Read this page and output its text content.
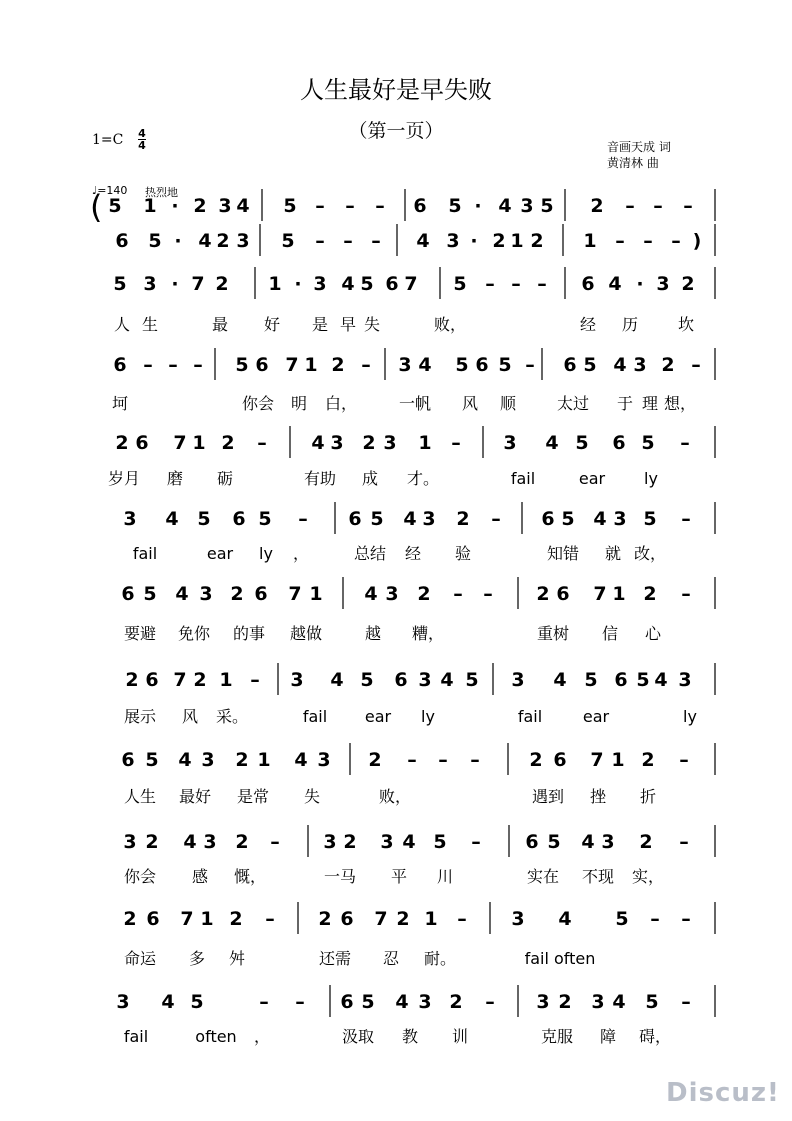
人生最好是早失败
（第一页）
1=C 4
4	音画天成 词
黄清林 曲
♩=140 热烈地
5 1 · 2 3 4 5 – – – 6 5 · 4 3 5 2 – – –
6 5 · 4 2 3 5 – – – 4 3 · 2 1 2 1 – – – )
5 3 · 7 2 1 · 3 4 5 6 7 5 – – – 6 4 · 3 2
人 生	最 好 是 早 失	败，	经 历 坎
6 – – – 5 6 7 1 2 – 3 4 5 6 5 – 6 5 4 3 2 –
坷	你会 明 白，	一帆 风 顺	太过 于 理 想，
2 6 7 1 2 – 4 3 2 3 1 – 3 4 5 6 5 –
岁月 磨 砺	有助 成 才。	fail	ear ly
3 4 5 6 5 – 6 5 4 3 2 – 6 5 4 3 5 –
fail	ear ly ，	总结 经 验	知错 就 改，
6 5 4 3 2 6 7 1 4 3 2 – – 2 6 7 1 2 –
要避 免你 的事 越做	越 糟，	重树 信 心
2 6 7 2 1 – 3 4 5 6 3 4 5 3 4 5 6 5 4 3
展示 风 采。	fail ear ly	fail	ear	ly
6 5 4 3 2 1 4 3 2 – – –	2 6 7 1 2 –
人生 最好 是常 失	败，	遇到 挫 折
3 2 4 3 2 – 3 2 3 4 5 – 6 5 4 3 2 –
你会 感 慨，	一马 平 川	实在 不现 实，
2 6 7 1 2 – 2 6 7 2 1 – 3 4 5 – –
命运 多 舛	还需 忍 耐。	fail often
3 4 5	– – 6 5 4 3 2 – 3 2 3 4 5 –
fail	often ，	汲取 教 训	克服 障 碍，
(
Discuz!
